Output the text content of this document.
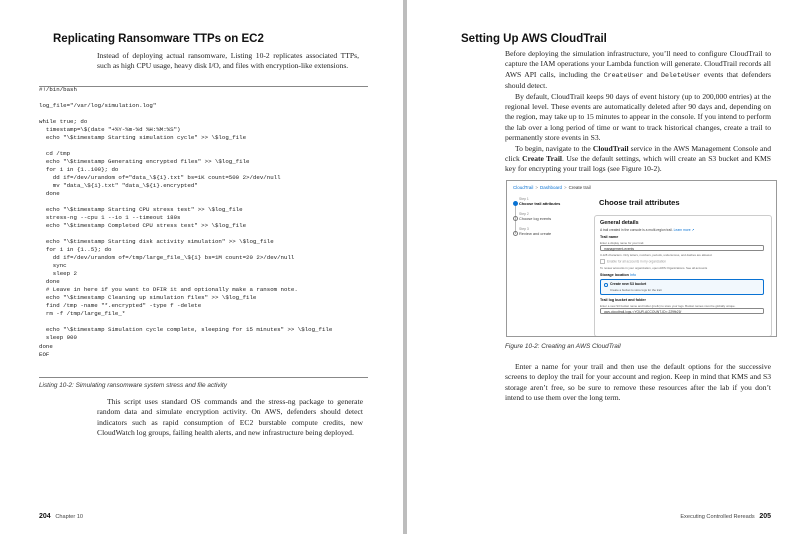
Replicating Ransomware TTPs on EC2

Instead of deploying actual ransomware, Listing 10-2 replicates associated TTPs, such as high CPU usage, heavy disk I/O, and files with encryption-like extensions.

#!/bin/bash

log_file="/var/log/simulation.log"

while true; do
timestamp=\$(date "+%Y-%m-%d %H:%M:%S")
echo "\$timestamp Starting simulation cycle" >> \$log_file

cd /tmp
echo "\$timestamp Generating encrypted files" >> \$log_file
for i in {1..100}; do
dd if=/dev/urandom of="data_\${i}.txt" bs=1K count=500 2>/dev/null
mv "data_\${i}.txt" "data_\${i}.encrypted"
done

echo "\$timestamp Starting CPU stress test" >> \$log_file
stress-ng --cpu 1 --io 1 --timeout 180s
echo "\$timestamp Completed CPU stress test" >> \$log_file

echo "\$timestamp Starting disk activity simulation" >> \$log_file
for i in {1..5}; do
dd if=/dev/urandom of=/tmp/large_file_\${i} bs=1M count=20 2>/dev/null
sync
sleep 2
done
# Leave in here if you want to DFIR it and optionally make a ransom note.
echo "\$timestamp Cleaning up simulation files" >> \$log_file
find /tmp -name "*.encrypted" -type f -delete
rm -f /tmp/large_file_*

echo "\$timestamp Simulation cycle complete, sleeping for 15 minutes" >> \$log_file
sleep 900
done
EOF
Listing 10-2: Simulating ransomware system stress and file activity

This script uses standard OS commands and the stress-ng package to generate random data and simulate encryption activity. On AWS, defenders should detect indicators such as rapid consumption of EC2 burstable compute credits, new CloudWatch log groups, failing health alerts, and new infrastructure being deployed.

204 Chapter 10
Setting Up AWS CloudTrail

Before deploying the simulation infrastructure, you’ll need to configure CloudTrail to capture the IAM operations your Lambda function will generate. CloudTrail records all AWS API calls, including the CreateUser and DeleteUser events that defenders should detect.

By default, CloudTrail keeps 90 days of event history (up to 200,000 entries) at the regional level. These events are automatically deleted after 90 days and, depending on the region, may take up to 15 minutes to appear in the console. If you intend to perform the lab over a long period of time or want to track historical changes, create a trail to permanently store events in S3.

To begin, navigate to the CloudTrail service in the AWS Management Console and click Create Trail. Use the default settings, which will create an S3 bucket and KMS key for encrypting your trail logs (see Figure 10-2).

CloudTrail > Dashboard > Create trail
Step 1
Choose trail attributes
Step 2
Choose log events
Step 3
Review and create
Choose trail attributes
General details
A trail created in the console is a multi-region trail. Learn more ↗
Trail name
Enter a display name for your trail.
management-events
3-128 characters. Only letters, numbers, periods, underscores, and dashes are allowed.
Enable for all accounts in my organization
To review accounts in your organization, open AWS Organizations. See all accounts
Storage location Info
Create new S3 bucket
Create a bucket to store logs for the trail.
Trail log bucket and folder
Enter a new S3 bucket name and folder (prefix) to store your logs. Bucket names must be globally unique.
aws-cloudtrail-logs-<YOUR-ACCOUNT-ID>-229fb21f
Figure 10-2: Creating an AWS CloudTrail

Enter a name for your trail and then use the default options for the successive screens to deploy the trail for your account and region. Keep in mind that KMS and S3 storage aren’t free, so be sure to remove these resources after the lab if you don’t intend to use them over the long term.

Executing Controlled Rereads 205
